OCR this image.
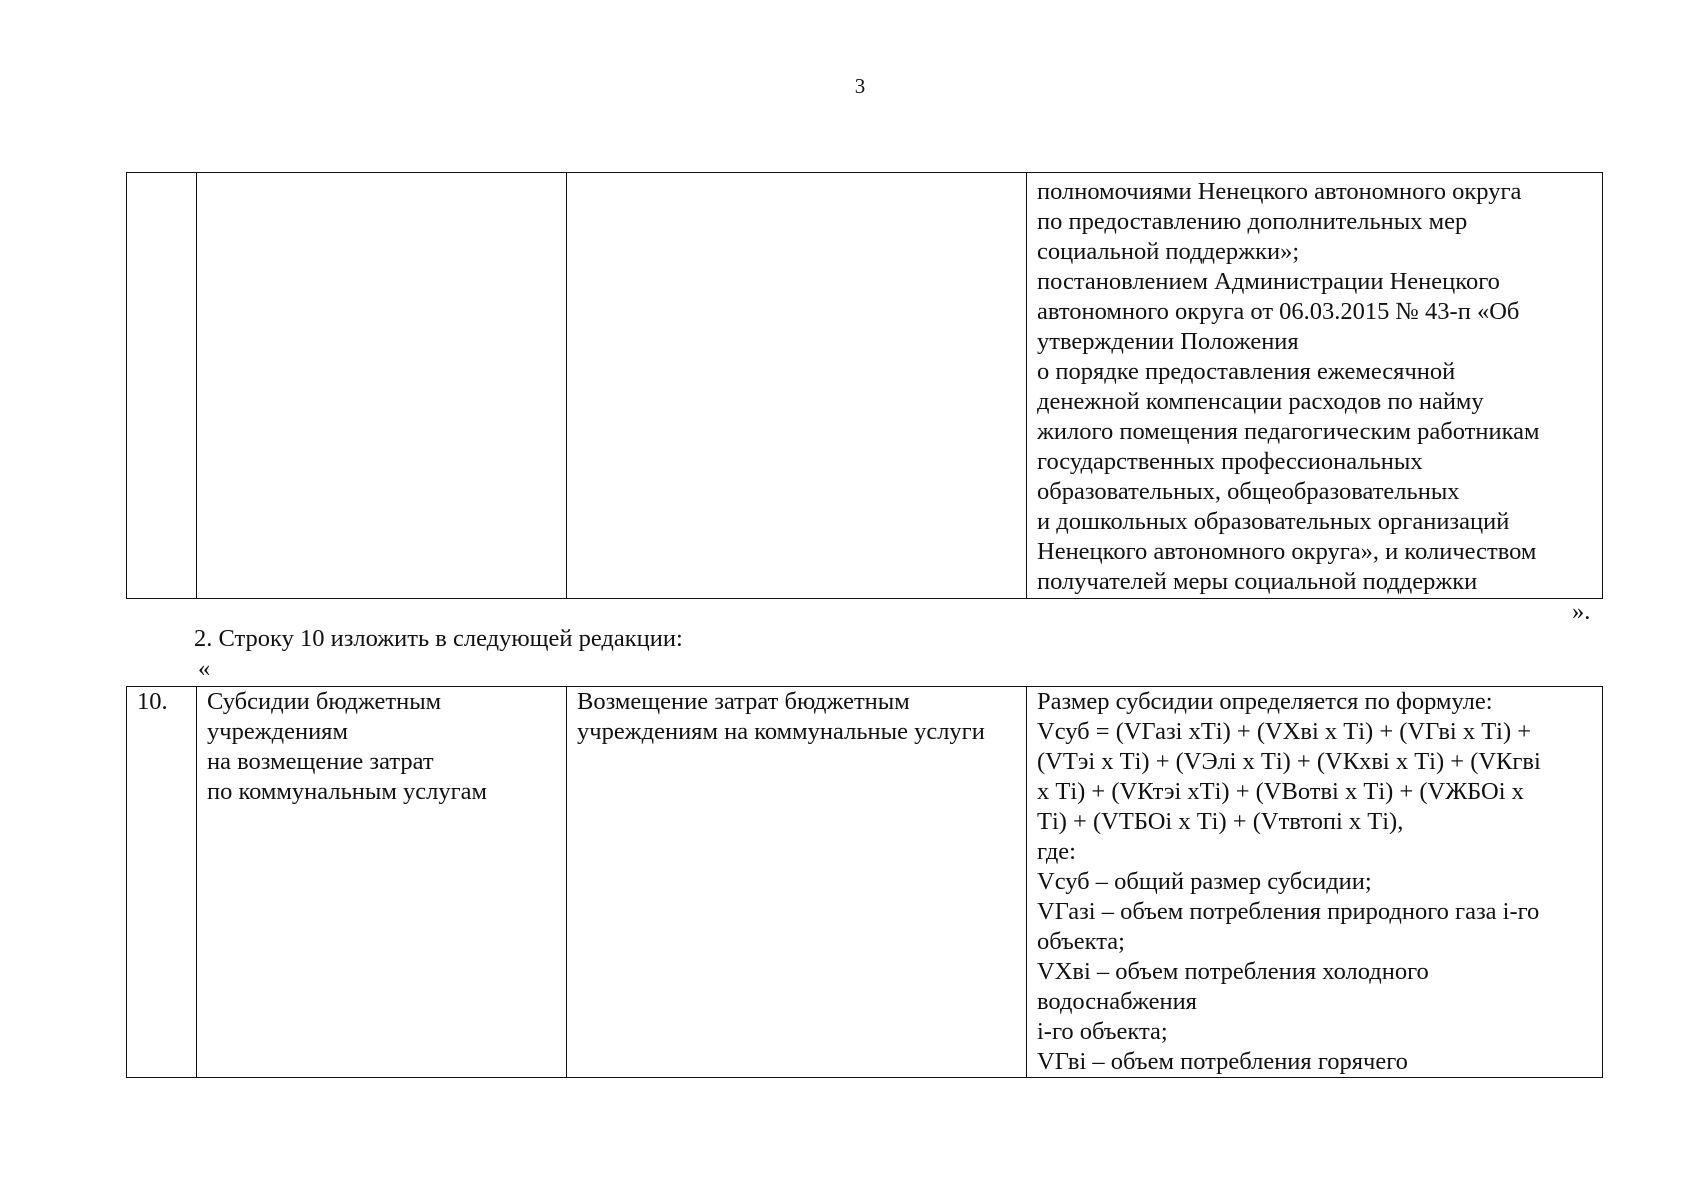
3
			полномочиями Ненецкого автономного округа
по предоставлению дополнительных мер
социальной поддержки»;
постановлением Администрации Ненецкого
автономного округа от 06.03.2015 № 43-п «Об
утверждении Положения
о порядке предоставления ежемесячной
денежной компенсации расходов по найму
жилого помещения педагогическим работникам
государственных профессиональных
образовательных, общеобразовательных
и дошкольных образовательных организаций
Ненецкого автономного округа», и количеством
получателей меры социальной поддержки
».
2. Строку 10 изложить в следующей редакции:
«
10.	Субсидии бюджетным
учреждениям
на возмещение затрат
по коммунальным услугам	Возмещение затрат бюджетным
учреждениям на коммунальные услуги	Размер субсидии определяется по формуле:
Vсуб = (VГазі хТі) + (VХві х Ті) + (VГві х Ті) +
(VТэі х Ті) + (VЭлі х Ті) + (VКхві х Ті) + (VКгві
х Ті) + (VКтэі хТі) + (VВотві х Ті) + (VЖБОі х
Ті) + (VТБОі х Ті) + (Vтвтопі х Ті),
где:
Vсуб – общий размер субсидии;
VГазі – объем потребления природного газа і-го
объекта;
VХві – объем потребления холодного
водоснабжения
і-го объекта;
VГві – объем потребления горячего
